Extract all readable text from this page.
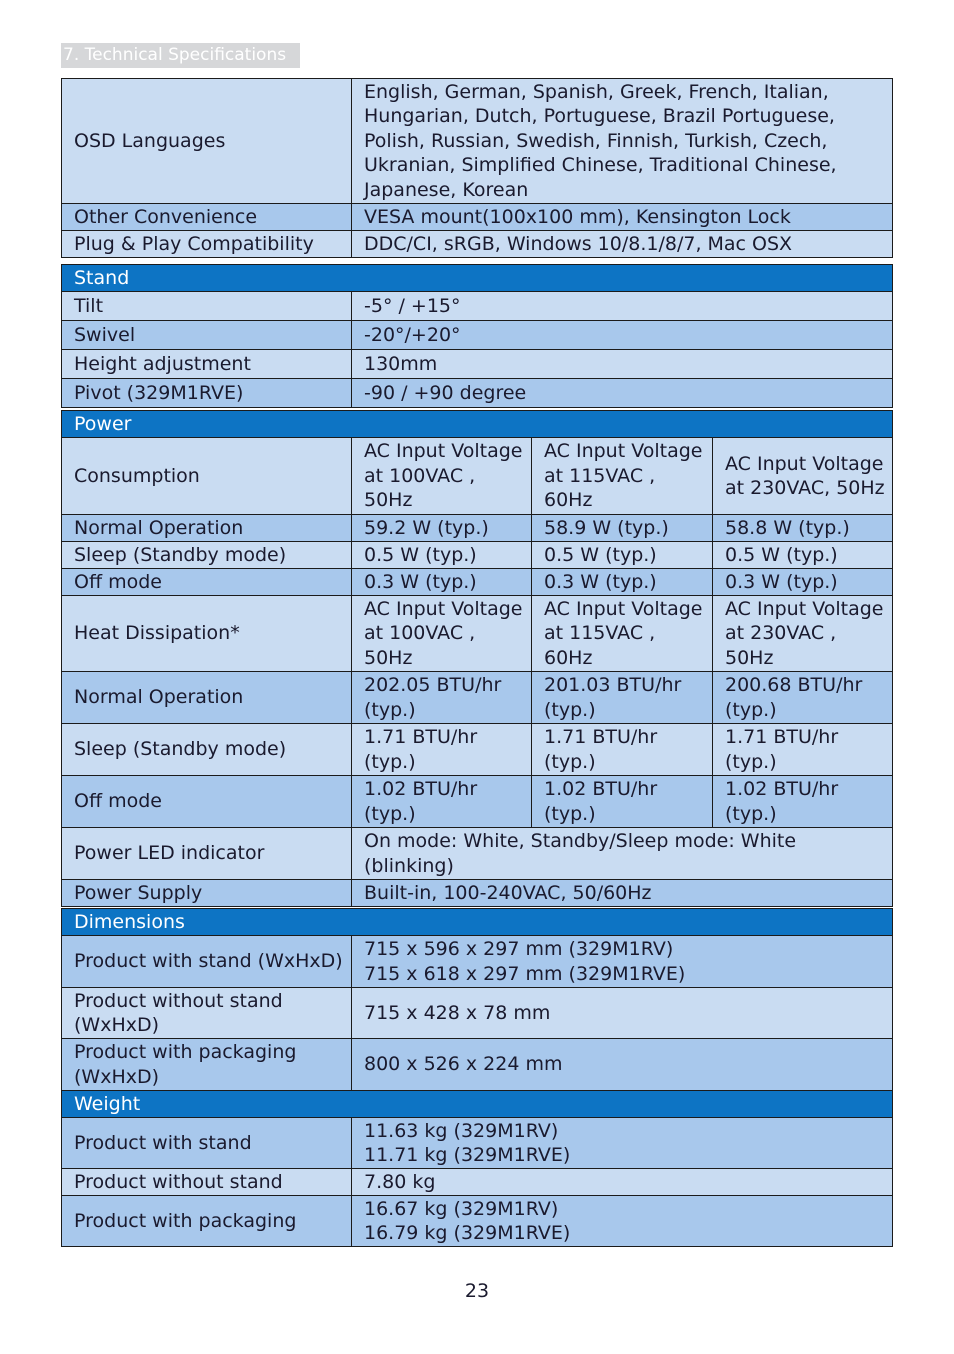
7. Technical Specifications
OSD Languages	English, German, Spanish, Greek, French, Italian, Hungarian, Dutch, Portuguese, Brazil Portuguese, Polish, Russian, Swedish, Finnish, Turkish, Czech, Ukranian, Simplified Chinese, Traditional Chinese, Japanese, Korean
Other Convenience	VESA mount(100x100 mm), Kensington Lock
Plug & Play Compatibility	DDC/CI, sRGB, Windows 10/8.1/8/7, Mac OSX
Stand	
Tilt	-5° / +15°
Swivel	-20°/+20°
Height adjustment	130mm
Pivot (329M1RVE)	-90 / +90 degree
Power			
Consumption	AC Input Voltage at 100VAC , 50Hz	AC Input Voltage at 115VAC , 60Hz	AC Input Voltage at 230VAC, 50Hz
Normal Operation	59.2 W (typ.)	58.9 W (typ.)	58.8 W (typ.)
Sleep (Standby mode)	0.5 W (typ.)	0.5 W (typ.)	0.5 W (typ.)
Off mode	0.3 W (typ.)	0.3 W (typ.)	0.3 W (typ.)
Heat Dissipation*	AC Input Voltage at 100VAC , 50Hz	AC Input Voltage at 115VAC , 60Hz	AC Input Voltage at 230VAC , 50Hz
Normal Operation	202.05 BTU/hr (typ.)	201.03 BTU/hr (typ.)	200.68 BTU/hr (typ.)
Sleep (Standby mode)	1.71 BTU/hr (typ.)	1.71 BTU/hr (typ.)	1.71 BTU/hr (typ.)
Off mode	1.02 BTU/hr (typ.)	1.02 BTU/hr (typ.)	1.02 BTU/hr (typ.)
Power LED indicator	On mode: White, Standby/Sleep mode: White (blinking)		
Power Supply	Built-in, 100-240VAC, 50/60Hz		
Dimensions	
Product with stand (WxHxD)	715 x 596 x 297 mm (329M1RV)
715 x 618 x 297 mm (329M1RVE)
Product without stand (WxHxD)	715 x 428 x 78 mm
Product with packaging (WxHxD)	800 x 526 x 224 mm
Weight	
Product with stand	11.63 kg (329M1RV)
11.71 kg (329M1RVE)
Product without stand	7.80 kg
Product with packaging	16.67 kg (329M1RV)
16.79 kg (329M1RVE)
23
